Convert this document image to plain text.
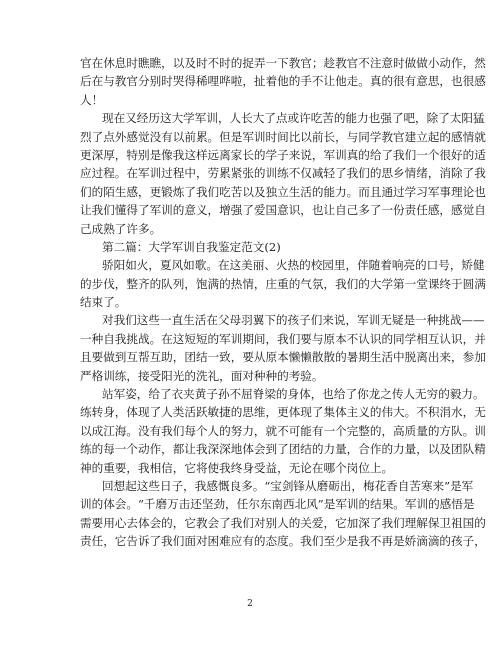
官在休息时瞧瞧，以及时不时的捉弄一下教官；趁教官不注意时做做小动作，然
后在与教官分别时哭得稀哩哗啦，扯着他的手不让他走。真的很有意思，也很感
人！
现在又经历这大学军训，人长大了点或许吃苦的能力也强了吧，除了太阳猛
烈了点外感觉没有以前累。但是军训时间比以前长，与同学教官建立起的感情就
更深厚，特别是像我这样远离家长的学子来说，军训真的给了我们一个很好的适
应过程。在军训过程中，劳累紧张的训练不仅减轻了我们的思乡情绪，消除了我
们的陌生感，更锻炼了我们吃苦以及独立生活的能力。而且通过学习军事理论也
让我们懂得了军训的意义，增强了爱国意识，也让自己多了一份责任感，感觉自
己成熟了许多。
第二篇：大学军训自我鉴定范文(2)
骄阳如火，夏风如歌。在这美丽、火热的校园里，伴随着响亮的口号，矫健
的步伐，整齐的队列，饱满的热情，庄重的气氛，我们的大学第一堂课终于圆满
结束了。
对我们这些一直生活在父母羽翼下的孩子们来说，军训无疑是一种挑战——
一种自我挑战。在这短短的军训期间，我们要与原本不认识的同学相互认识，并
且要做到互帮互助，团结一致，要从原本懒懒散散的暑期生活中脱离出来，参加
严格训练，接受阳光的洗礼，面对种种的考验。
站军姿，给了衣夹黄子孙不屈脊梁的身体，也给了你龙之传人无穷的毅力。
练转身，体现了人类活跃敏捷的思维，更体现了集体主义的伟大。不积涓水，无
以成江海。没有我们每个人的努力，就不可能有一个完整的，高质量的方队。训
练的每一个动作，都让我深深地体会到了团结的力量，合作的力量，以及团队精
神的重要，我相信，它将使我终身受益，无论在哪个岗位上。
回想起这些日子，我感慨良多。“宝剑锋从磨砺出，梅花香自苦寒来”是军
训的体会。“千磨万击还坚劲，任尔东南西北风”是军训的结果。军训的感悟是
需要用心去体会的，它教会了我们对别人的关爱，它加深了我们理解保卫祖国的
责任，它告诉了我们面对困难应有的态度。我们至少是我不再是娇滴滴的孩子，
2
